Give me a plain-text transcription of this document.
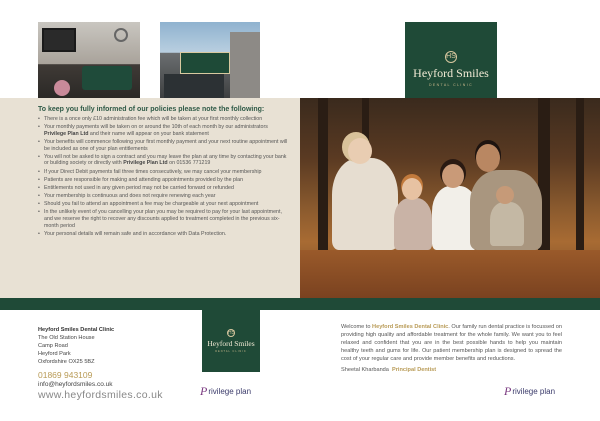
HS
Heyford Smiles
DENTAL CLINIC
To keep you fully informed of our policies please note the following:
• There is a once only £10 administration fee which will be taken at your first monthly collection
• Your monthly payments will be taken on or around the 10th of each month by our administrators Privilege Plan Ltd and their name will appear on your bank statement
• Your benefits will commence following your first monthly payment and your next routine appointment will be included as one of your plan entitlements
• You will not be asked to sign a contract and you may leave the plan at any time by contacting your bank or building society or directly with Privilege Plan Ltd on 01536 771219
• If your Direct Debit payments fail three times consecutively, we may cancel your membership
• Patients are responsible for making and attending appointments provided by the plan
• Entitlements not used in any given period may not be carried forward or refunded
• Your membership is continuous and does not require renewing each year
• Should you fail to attend an appointment a fee may be chargeable at your next appointment
• In the unlikely event of you cancelling your plan you may be required to pay for your last appointment, and we reserve the right to recover any discounts applied to treatment completed in the previous six-month period
• Your personal details will remain safe and in accordance with Data Protection.
Heyford Smiles Dental Clinic
The Old Station House
Camp Road
Heyford Park
Oxfordshire OX25 5BZ
01869 943109
info@heyfordsmiles.co.uk
www.heyfordsmiles.co.uk
HS
Heyford Smiles
DENTAL CLINIC
P rivilege plan

Welcome to Heyford Smiles Dental Clinic. Our family run dental practice is focussed on providing high quality and affordable treatment for the whole family. We want you to feel relaxed and confident that you are in the best possible hands to help you maintain healthy teeth and gums for life. Our patient membership plan is designed to spread the cost of your regular care and provide member benefits and reductions.

Sheetal Kharbanda Principal Dentist
P rivilege plan
